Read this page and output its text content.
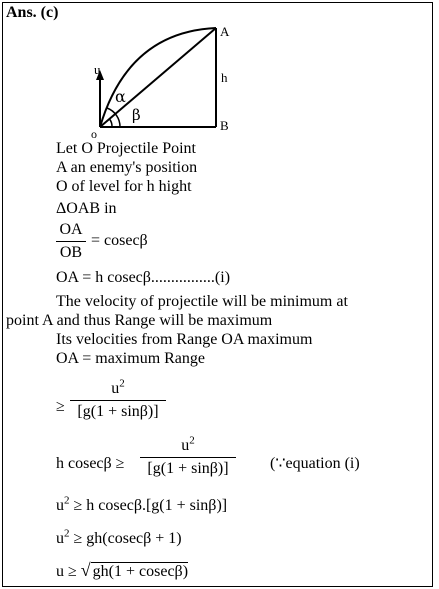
Ans. (c)
u
o
A
B
h
α
β
Let O Projectile Point
A an enemy's position
O of level for h hight
ΔOAB in
OA
OB
= cosecβ
OA = h cosecβ................(i)
The velocity of projectile will be minimum at
point A and thus Range will be maximum
Its velocities from Range OA maximum
OA = maximum Range
≥
$u^2$
[g(1 + sinβ)]
h cosecβ ≥
$u^2$
[g(1 + sinβ)]	(∵equation (i)
$u^2 \ge h$ cosecβ.[g(1 + sinβ)]
$u^2 \ge gh(cosec\beta + 1)$
u ≥ √ gh(1 + cosecβ)
